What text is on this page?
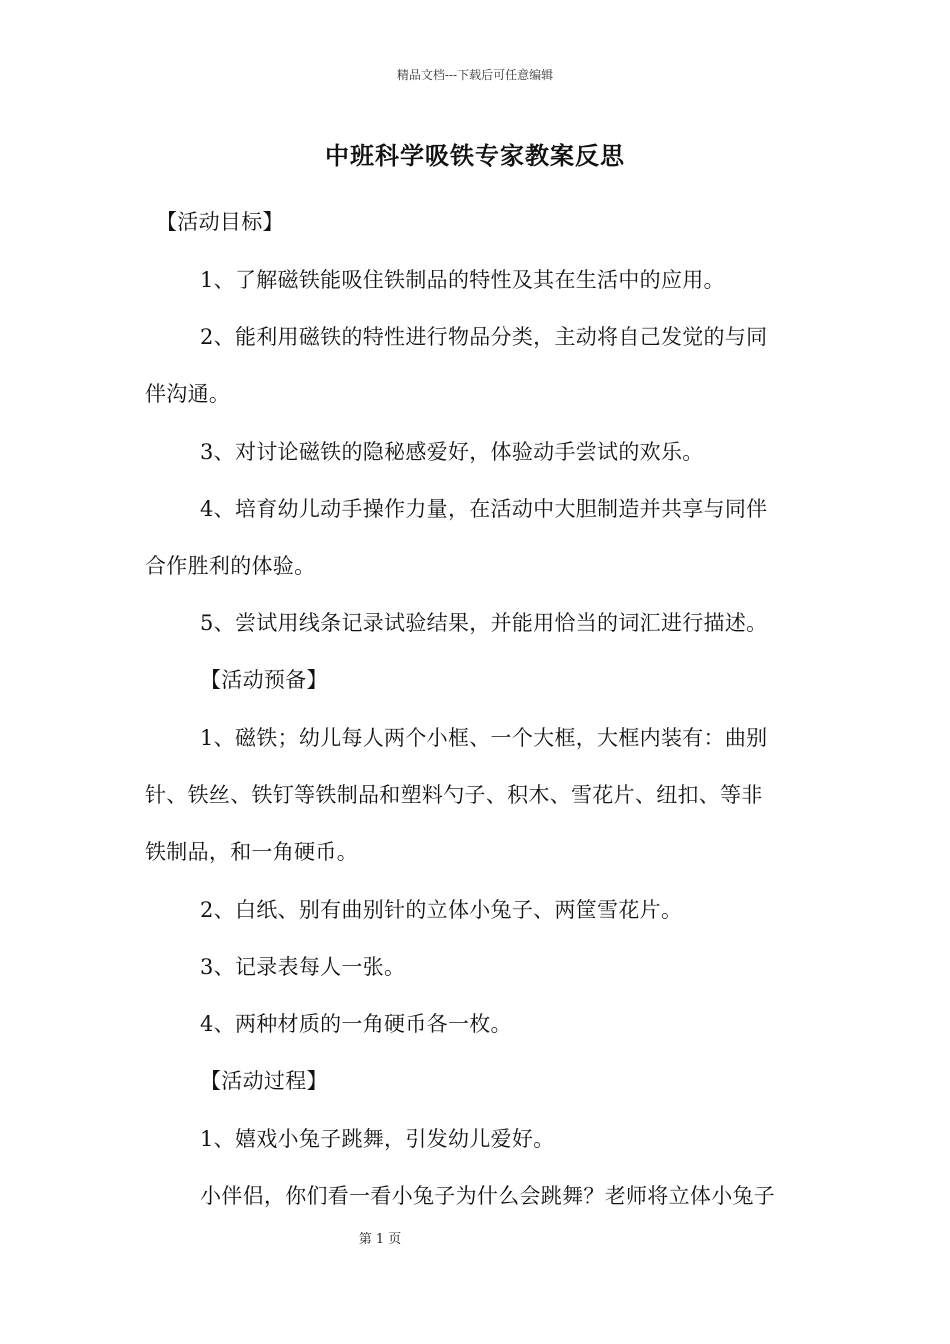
精品文档---下载后可任意编辑
中班科学吸铁专家教案反思
【活动目标】
1、了解磁铁能吸住铁制品的特性及其在生活中的应用。
2、能利用磁铁的特性进行物品分类，主动将自己发觉的与同
伴沟通。
3、对讨论磁铁的隐秘感爱好，体验动手尝试的欢乐。
4、培育幼儿动手操作力量，在活动中大胆制造并共享与同伴
合作胜利的体验。
5、尝试用线条记录试验结果，并能用恰当的词汇进行描述。
【活动预备】
1、磁铁；幼儿每人两个小框、一个大框，大框内装有：曲别
针、铁丝、铁钉等铁制品和塑料勺子、积木、雪花片、纽扣、等非
铁制品，和一角硬币。
2、白纸、别有曲别针的立体小兔子、两筐雪花片。
3、记录表每人一张。
4、两种材质的一角硬币各一枚。
【活动过程】
1、嬉戏小兔子跳舞，引发幼儿爱好。
小伴侣，你们看一看小兔子为什么会跳舞？老师将立体小兔子
第 1 页
